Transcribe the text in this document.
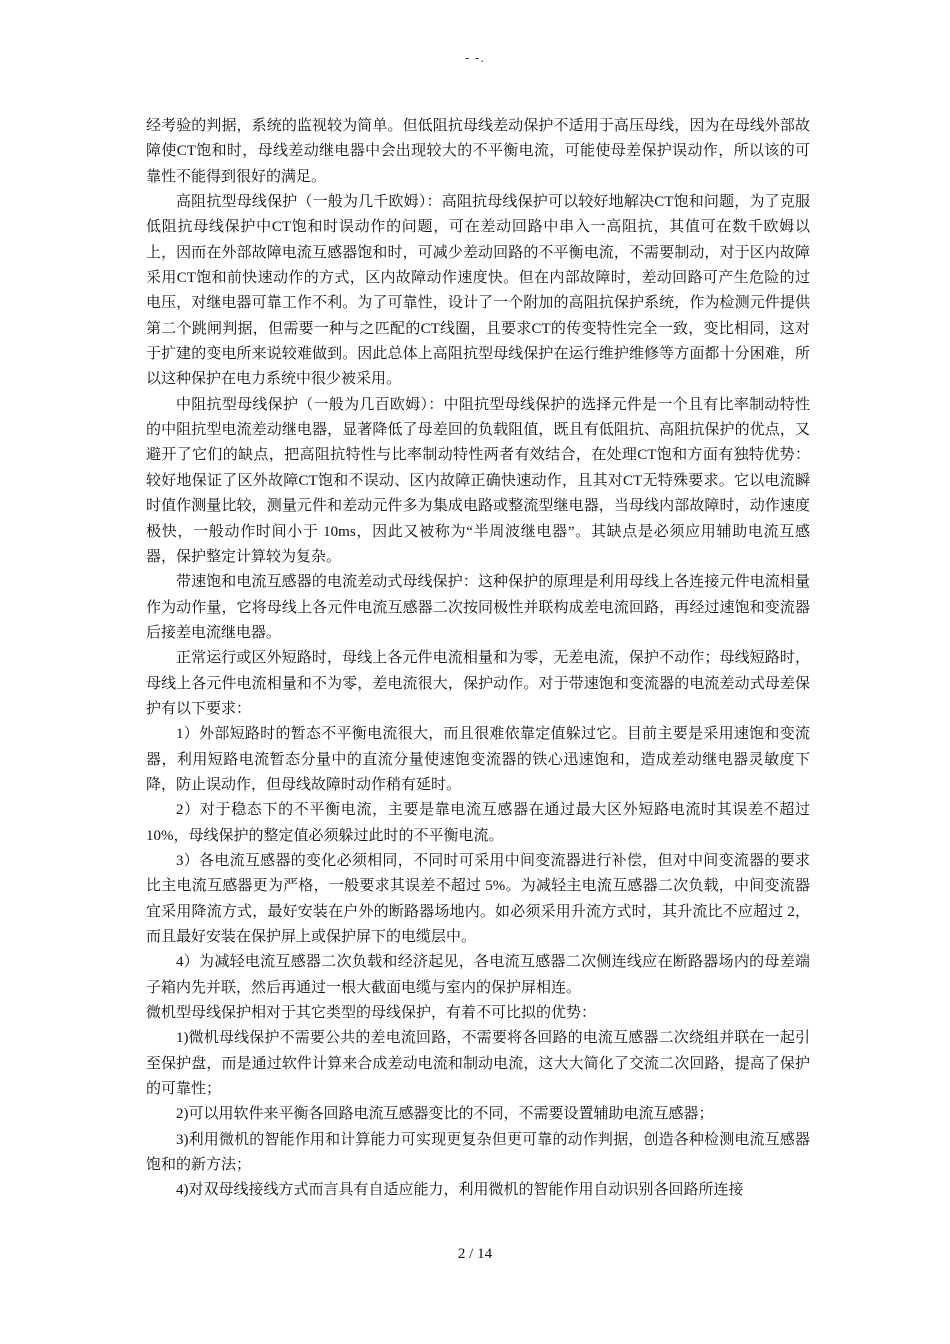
- -.

经考验的判据，系统的监视较为简单。但低阻抗母线差动保护不适用于高压母线，因为在母线外部故障使CT饱和时，母线差动继电器中会出现较大的不平衡电流，可能使母差保护误动作，所以该的可靠性不能得到很好的满足。

高阻抗型母线保护（一般为几千欧姆）：高阻抗母线保护可以较好地解决CT饱和问题，为了克服低阻抗母线保护中CT饱和时误动作的问题，可在差动回路中串入一高阻抗，其值可在数千欧姆以上，因而在外部故障电流互感器饱和时，可减少差动回路的不平衡电流，不需要制动，对于区内故障采用CT饱和前快速动作的方式，区内故障动作速度快。但在内部故障时，差动回路可产生危险的过电压，对继电器可靠工作不利。为了可靠性，设计了一个附加的高阻抗保护系统，作为检测元件提供第二个跳闸判据，但需要一种与之匹配的CT线圈，且要求CT的传变特性完全一致，变比相同，这对于扩建的变电所来说较难做到。因此总体上高阻抗型母线保护在运行维护维修等方面都十分困难，所以这种保护在电力系统中很少被采用。

中阻抗型母线保护（一般为几百欧姆）：中阻抗型母线保护的选择元件是一个且有比率制动特性的中阻抗型电流差动继电器，显著降低了母差回的负载阻值，既且有低阻抗、高阻抗保护的优点，又避开了它们的缺点，把高阻抗特性与比率制动特性两者有效结合，在处理CT饱和方面有独特优势：较好地保证了区外故障CT饱和不误动、区内故障正确快速动作，且其对CT无特殊要求。它以电流瞬时值作测量比较，测量元件和差动元件多为集成电路或整流型继电器，当母线内部故障时，动作速度极快，一般动作时间小于 10ms，因此又被称为“半周波继电器”。其缺点是必须应用辅助电流互感器，保护整定计算较为复杂。

带速饱和电流互感器的电流差动式母线保护：这种保护的原理是利用母线上各连接元件电流相量作为动作量，它将母线上各元件电流互感器二次按同极性并联构成差电流回路，再经过速饱和变流器后接差电流继电器。

正常运行或区外短路时，母线上各元件电流相量和为零，无差电流，保护不动作；母线短路时，母线上各元件电流相量和不为零，差电流很大，保护动作。对于带速饱和变流器的电流差动式母差保护有以下要求：

1）外部短路时的暂态不平衡电流很大，而且很难依靠定值躲过它。目前主要是采用速饱和变流器，利用短路电流暂态分量中的直流分量使速饱变流器的铁心迅速饱和，造成差动继电器灵敏度下降，防止误动作，但母线故障时动作稍有延时。

2）对于稳态下的不平衡电流，主要是靠电流互感器在通过最大区外短路电流时其误差不超过 10%，母线保护的整定值必须躲过此时的不平衡电流。

3）各电流互感器的变化必须相同，不同时可采用中间变流器进行补偿，但对中间变流器的要求比主电流互感器更为严格，一般要求其误差不超过 5%。为减轻主电流互感器二次负载，中间变流器宜采用降流方式，最好安装在户外的断路器场地内。如必须采用升流方式时，其升流比不应超过 2，而且最好安装在保护屏上或保护屏下的电缆层中。

4）为减轻电流互感器二次负载和经济起见，各电流互感器二次侧连线应在断路器场内的母差端子箱内先并联，然后再通过一根大截面电缆与室内的保护屏相连。

微机型母线保护相对于其它类型的母线保护，有着不可比拟的优势：

1)微机母线保护不需要公共的差电流回路，不需要将各回路的电流互感器二次绕组并联在一起引至保护盘，而是通过软件计算来合成差动电流和制动电流，这大大简化了交流二次回路，提高了保护的可靠性；

2)可以用软件来平衡各回路电流互感器变比的不同，不需要设置辅助电流互感器；

3)利用微机的智能作用和计算能力可实现更复杂但更可靠的动作判据，创造各种检测电流互感器饱和的新方法；

4)对双母线接线方式而言具有自适应能力，利用微机的智能作用自动识别各回路所连接

2 / 14
